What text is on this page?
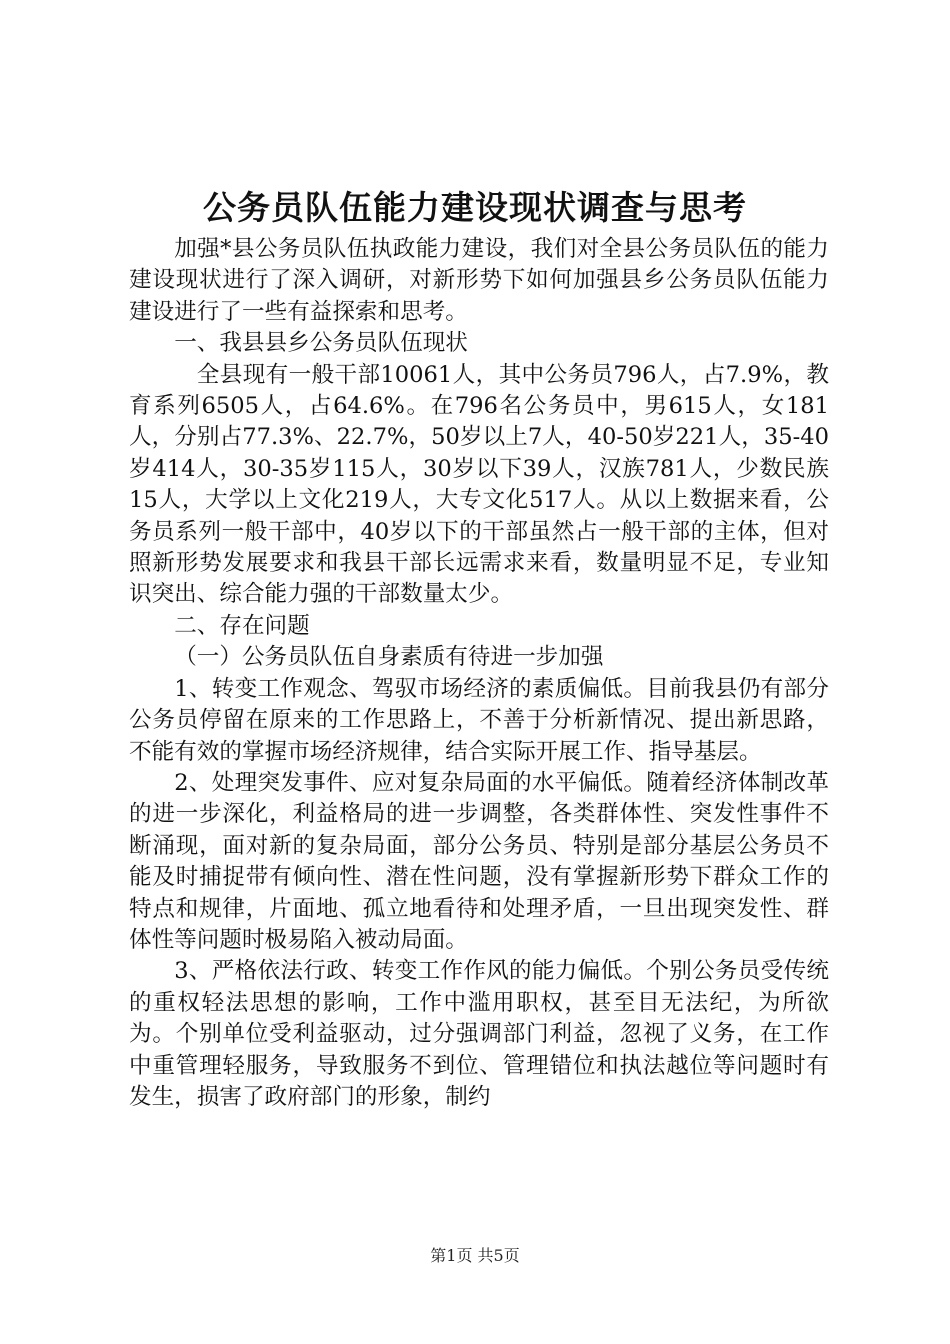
公务员队伍能力建设现状调查与思考

加强*县公务员队伍执政能力建设，我们对全县公务员队伍的能力建设现状进行了深入调研，对新形势下如何加强县乡公务员队伍能力建设进行了一些有益探索和思考。

一、我县县乡公务员队伍现状

全县现有一般干部10061人，其中公务员796人，占7.9%，教育系列6505人，占64.6%。在796名公务员中，男615人，女181人，分别占77.3%、22.7%，50岁以上7人，40-50岁221人，35-40岁414人，30-35岁115人，30岁以下39人，汉族781人，少数民族15人，大学以上文化219人，大专文化517人。从以上数据来看，公务员系列一般干部中，40岁以下的干部虽然占一般干部的主体，但对照新形势发展要求和我县干部长远需求来看，数量明显不足，专业知识突出、综合能力强的干部数量太少。

二、存在问题

（一）公务员队伍自身素质有待进一步加强

1、转变工作观念、驾驭市场经济的素质偏低。目前我县仍有部分公务员停留在原来的工作思路上，不善于分析新情况、提出新思路，不能有效的掌握市场经济规律，结合实际开展工作、指导基层。

2、处理突发事件、应对复杂局面的水平偏低。随着经济体制改革的进一步深化，利益格局的进一步调整，各类群体性、突发性事件不断涌现，面对新的复杂局面，部分公务员、特别是部分基层公务员不能及时捕捉带有倾向性、潜在性问题，没有掌握新形势下群众工作的特点和规律，片面地、孤立地看待和处理矛盾，一旦出现突发性、群体性等问题时极易陷入被动局面。

3、严格依法行政、转变工作作风的能力偏低。个别公务员受传统的重权轻法思想的影响，工作中滥用职权，甚至目无法纪，为所欲为。个别单位受利益驱动，过分强调部门利益，忽视了义务，在工作中重管理轻服务，导致服务不到位、管理错位和执法越位等问题时有发生，损害了政府部门的形象，制约

第1页 共5页
